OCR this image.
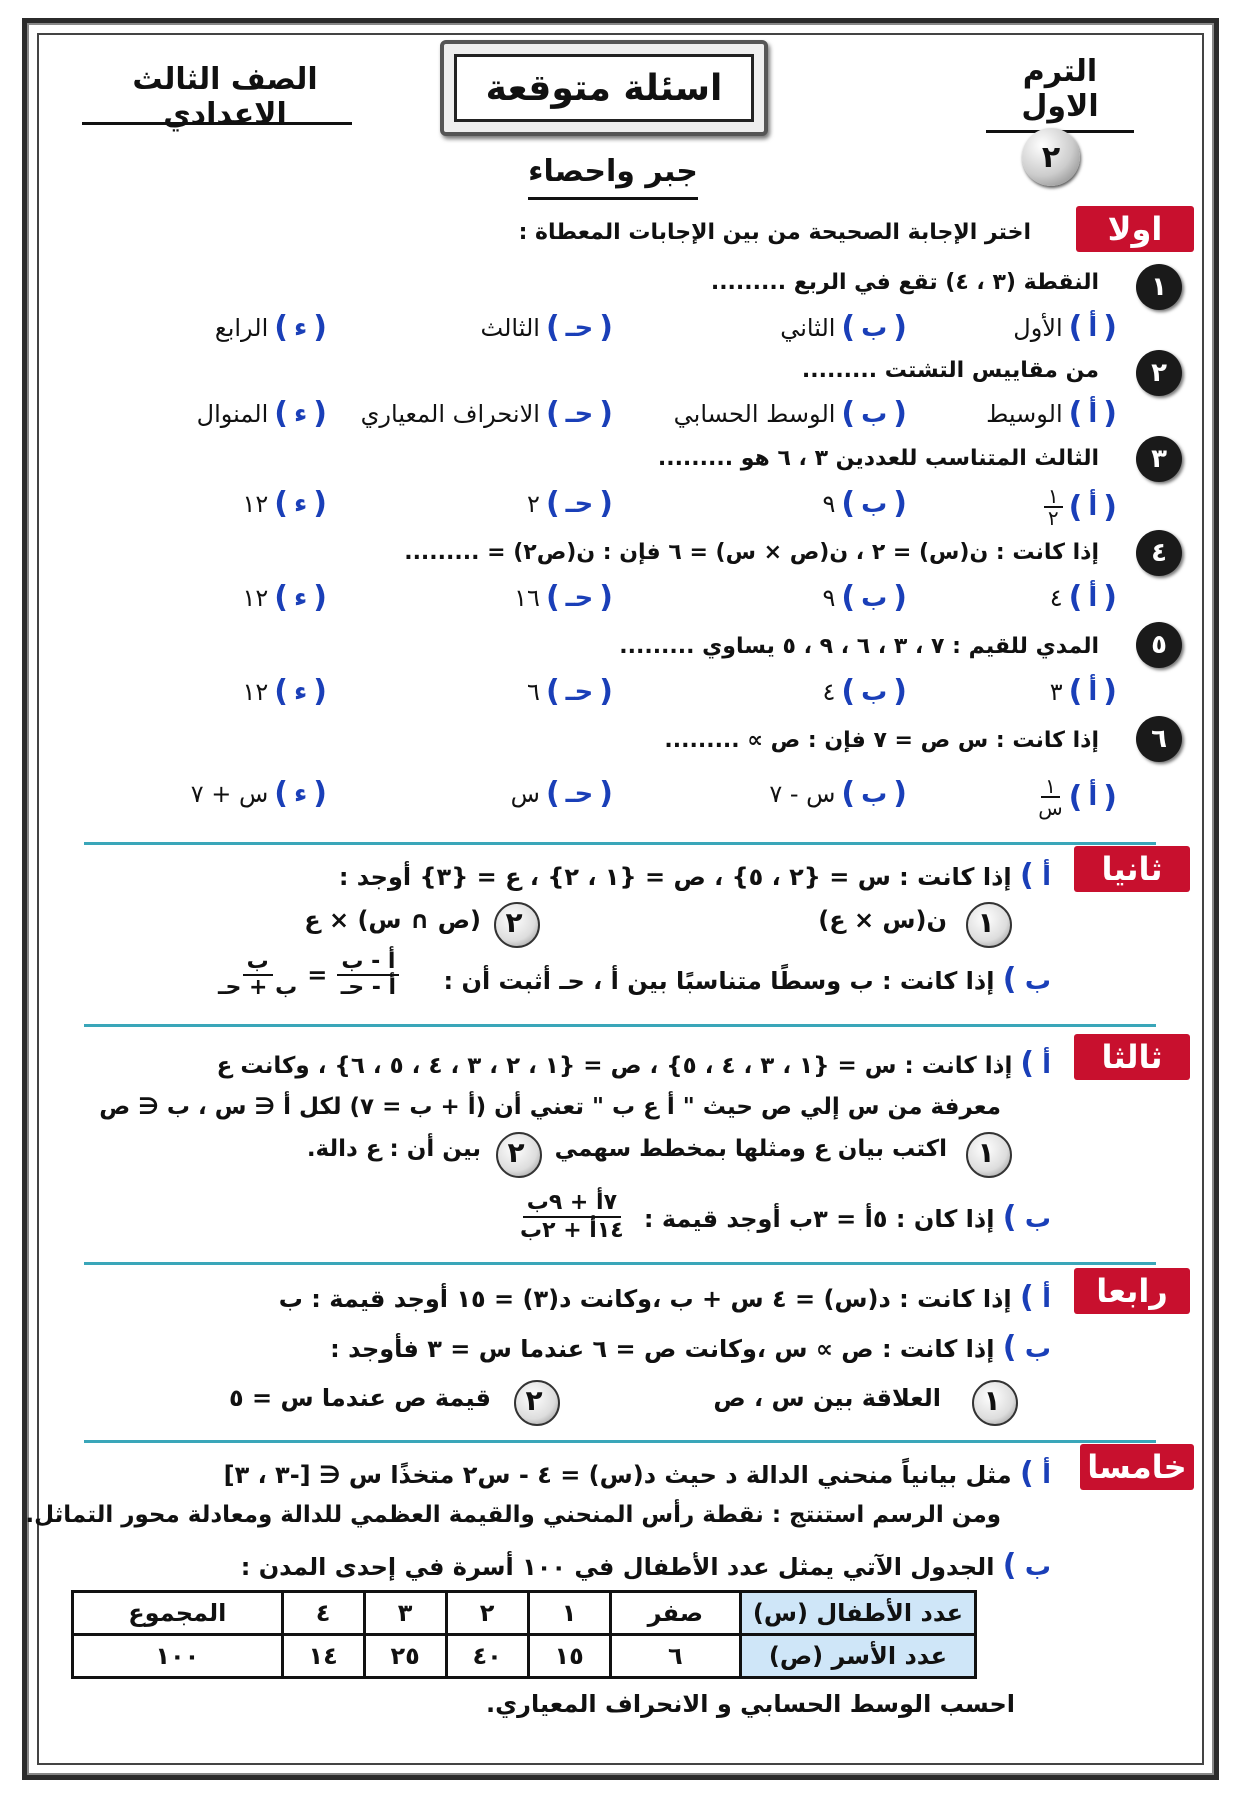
الترم الاول
اسئلة متوقعة
الصف الثالث الاعدادي
٢
جبر واحصاء
اولا
اختر الإجابة الصحيحة من بين الإجابات المعطاة :
١
النقطة (٣ ، ٤) تقع في الربع .........
(
أ
)
الأول
(
ب
)
الثاني
(
حـ
)
الثالث
(
ء
)
الرابع
٢
من مقاييس التشتت .........
(
أ
)
الوسيط
(
ب
)
الوسط الحسابي
(
حـ
)
الانحراف المعياري
(
ء
)
المنوال
٣
الثالث المتناسب للعددين ٣ ، ٦ هو .........
(
أ
)
$\frac{١}{٢}$
(
ب
)
٩
(
حـ
)
٢
(
ء
)
١٢
٤
إذا كانت : ن(س) = ٢ ، ن(ص × س) = ٦ فإن : ن(ص٢) = .........
(
أ
)
٤
(
ب
)
٩
(
حـ
)
١٦
(
ء
)
١٢
٥
المدي للقيم : ٧ ، ٣ ، ٦ ، ٩ ، ٥ يساوي .........
(
أ
)
٣
(
ب
)
٤
(
حـ
)
٦
(
ء
)
١٢
٦
إذا كانت : س ص = ٧ فإن : ص ∝ .........
(
أ
)
$\frac{١}{\text{س}}$
(
ب
)
س - ٧
(
حـ
)
س
(
ء
)
س + ٧
ثانيا
أ ) إذا كانت : س = {٢ ، ٥} ، ص = {١ ، ٢} ، ع = {٣} أوجد :
١
ن(س × ع)
٢
(ص ∩ س) × ع
ب ) إذا كانت : ب وسطًا متناسبًا بين أ ، حـ أثبت أن :
$\frac{\text{ب}}{\text{ب + حـ}} = \frac{\text{أ - ب}}{\text{أ - حـ}}$
ثالثا
أ ) إذا كانت : س = {١ ، ٣ ، ٤ ، ٥} ، ص = {١ ، ٢ ، ٣ ، ٤ ، ٥ ، ٦} ، وكانت ع
معرفة من س إلي ص حيث " أ ع ب " تعني أن (أ + ب = ٧) لكل أ ∈ س ، ب ∈ ص
١
اكتب بيان ع ومثلها بمخطط سهمي
٢
بين أن : ع دالة.
ب ) إذا كان : ٥أ = ٣ب أوجد قيمة :
$\frac{\text{٧أ + ٩ب}}{\text{١٤أ + ٢ب}}$
رابعا
أ ) إذا كانت : د(س) = ٤ س + ب ،وكانت د(٣) = ١٥ أوجد قيمة : ب
ب ) إذا كانت : ص ∝ س ،وكانت ص = ٦ عندما س = ٣ فأوجد :
١
العلاقة بين س ، ص
٢
قيمة ص عندما س = ٥
خامسا
أ ) مثل بيانياً منحني الدالة د حيث د(س) = ٤ - س٢ متخذًا س ∈ [-٣ ، ٣]
ومن الرسم استنتج : نقطة رأس المنحني والقيمة العظمي للدالة ومعادلة محور التماثل.
ب ) الجدول الآتي يمثل عدد الأطفال في ١٠٠ أسرة في إحدى المدن :
عدد الأطفال (س)	صفر	١	٢	٣	٤	المجموع
عدد الأسر (ص)	٦	١٥	٤٠	٢٥	١٤	١٠٠
احسب الوسط الحسابي و الانحراف المعياري.
